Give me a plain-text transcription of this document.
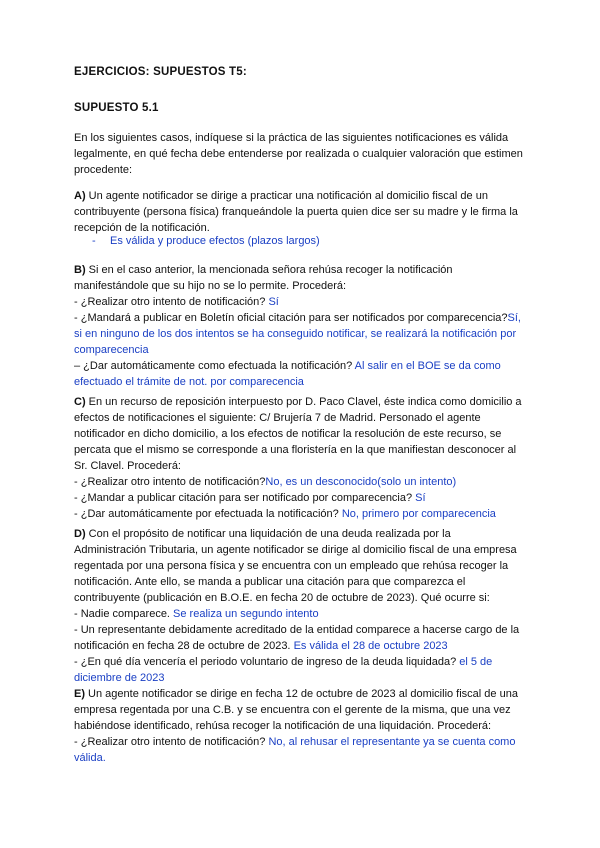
EJERCICIOS: SUPUESTOS T5:
SUPUESTO 5.1
En los siguientes casos, indíquese si la práctica de las siguientes notificaciones es válida
legalmente, en qué fecha debe entenderse por realizada o cualquier valoración que estimen
procedente:
A) Un agente notificador se dirige a practicar una notificación al domicilio fiscal de un
contribuyente (persona física) franqueándole la puerta quien dice ser su madre y le firma la
recepción de la notificación.
- Es válida y produce efectos (plazos largos)
B) Si en el caso anterior, la mencionada señora rehúsa recoger la notificación
manifestándole que su hijo no se lo permite. Procederá:
- ¿Realizar otro intento de notificación? Sí
- ¿Mandará a publicar en Boletín oficial citación para ser notificados por comparecencia?Sí,
si en ninguno de los dos intentos se ha conseguido notificar, se realizará la notificación por
comparecencia
– ¿Dar automáticamente como efectuada la notificación? Al salir en el BOE se da como
efectuado el trámite de not. por comparecencia
C) En un recurso de reposición interpuesto por D. Paco Clavel, éste indica como domicilio a
efectos de notificaciones el siguiente: C/ Brujería 7 de Madrid. Personado el agente
notificador en dicho domicilio, a los efectos de notificar la resolución de este recurso, se
percata que el mismo se corresponde a una floristería en la que manifiestan desconocer al
Sr. Clavel. Procederá:
- ¿Realizar otro intento de notificación?No, es un desconocido(solo un intento)
- ¿Mandar a publicar citación para ser notificado por comparecencia? Sí
- ¿Dar automáticamente por efectuada la notificación? No, primero por comparecencia
D) Con el propósito de notificar una liquidación de una deuda realizada por la
Administración Tributaria, un agente notificador se dirige al domicilio fiscal de una empresa
regentada por una persona física y se encuentra con un empleado que rehúsa recoger la
notificación. Ante ello, se manda a publicar una citación para que comparezca el
contribuyente (publicación en B.O.E. en fecha 20 de octubre de 2023). Qué ocurre si:
- Nadie comparece. Se realiza un segundo intento
- Un representante debidamente acreditado de la entidad comparece a hacerse cargo de la
notificación en fecha 28 de octubre de 2023. Es válida el 28 de octubre 2023
- ¿En qué día vencería el periodo voluntario de ingreso de la deuda liquidada? el 5 de
diciembre de 2023
E) Un agente notificador se dirige en fecha 12 de octubre de 2023 al domicilio fiscal de una
empresa regentada por una C.B. y se encuentra con el gerente de la misma, que una vez
habiéndose identificado, rehúsa recoger la notificación de una liquidación. Procederá:
- ¿Realizar otro intento de notificación? No, al rehusar el representante ya se cuenta como
válida.
